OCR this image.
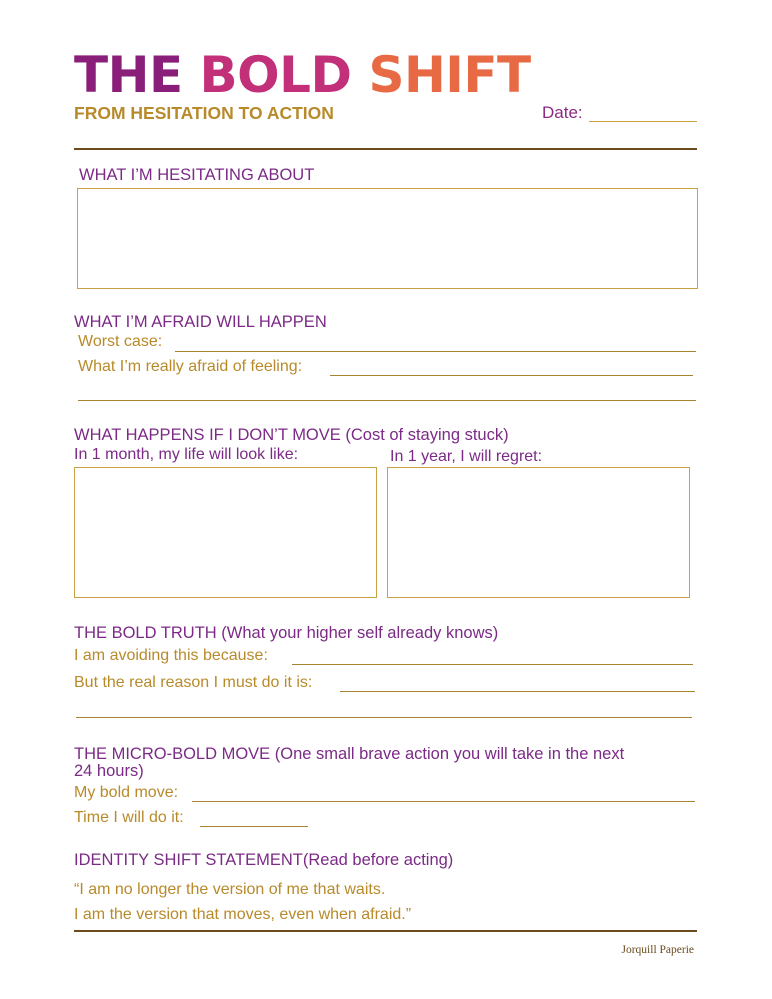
THE BOLD SHIFT
FROM HESITATION TO ACTION	Date:
WHAT I’M HESITATING ABOUT
WHAT I’M AFRAID WILL HAPPEN
Worst case:
What I’m really afraid of feeling:
WHAT HAPPENS IF I DON’T MOVE (Cost of staying stuck)
In 1 month, my life will look like:	In 1 year, I will regret:
THE BOLD TRUTH (What your higher self already knows)
I am avoiding this because:
But the real reason I must do it is:
THE MICRO-BOLD MOVE (One small brave action you will take in the next
24 hours)
My bold move:
Time I will do it:
IDENTITY SHIFT STATEMENT(Read before acting)
“I am no longer the version of me that waits.
I am the version that moves, even when afraid.”
Jorquill Paperie
